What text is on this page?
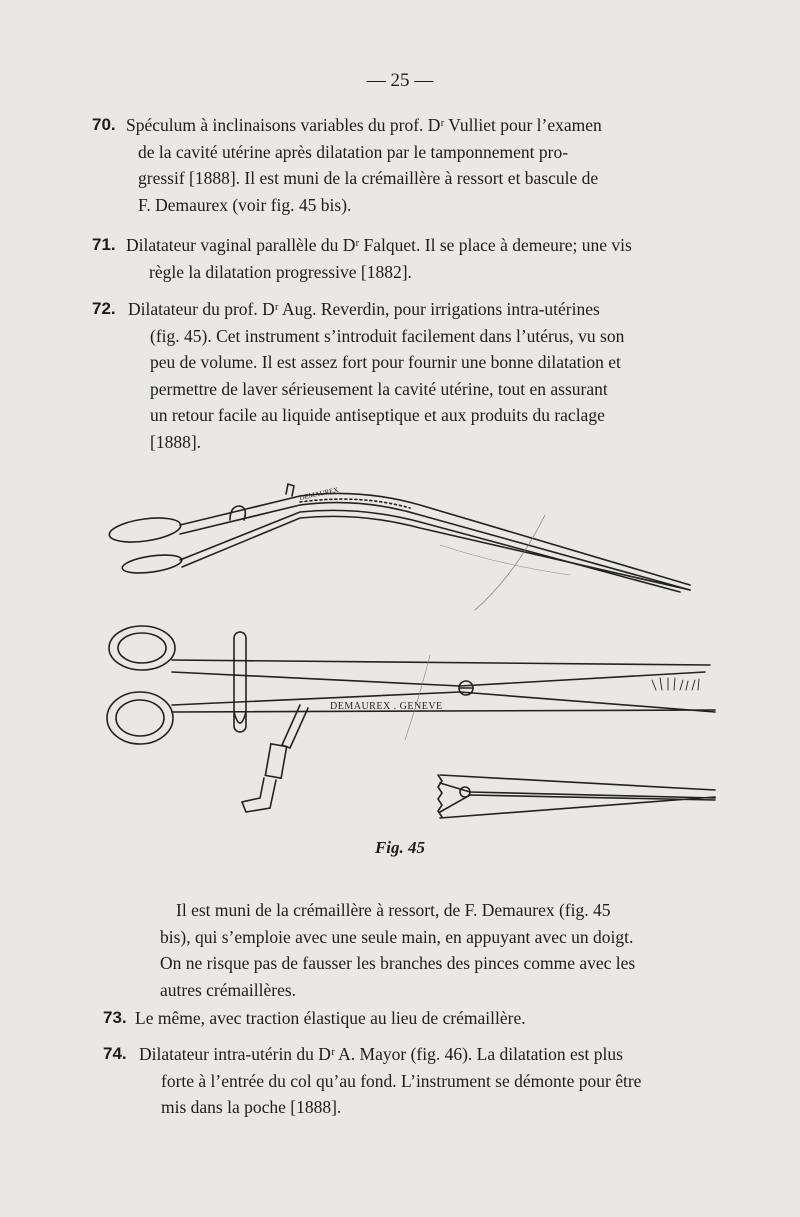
— 25 —
70. Spéculum à inclinaisons variables du prof. Dʳ Vulliet pour l’examen
de la cavité utérine après dilatation par le tamponnement pro-
gressif [1888]. Il est muni de la crémaillère à ressort et bascule de
F. Demaurex (voir fig. 45 bis).
71. Dilatateur vaginal parallèle du Dʳ Falquet. Il se place à demeure; une vis
règle la dilatation progressive [1882].
72. Dilatateur du prof. Dʳ Aug. Reverdin, pour irrigations intra-utérines
(fig. 45). Cet instrument s’introduit facilement dans l’utérus, vu son
peu de volume. Il est assez fort pour fournir une bonne dilatation et
permettre de laver sérieusement la cavité utérine, tout en assurant
un retour facile au liquide antiseptique et aux produits du raclage
[1888].
DEMAUREX
DEMAUREX . GENEVE
Fig. 45
Il est muni de la crémaillère à ressort, de F. Demaurex (fig. 45
bis), qui s’emploie avec une seule main, en appuyant avec un doigt.
On ne risque pas de fausser les branches des pinces comme avec les
autres crémaillères.
73. Le même, avec traction élastique au lieu de crémaillère.
74. Dilatateur intra-utérin du Dʳ A. Mayor (fig. 46). La dilatation est plus
forte à l’entrée du col qu’au fond. L’instrument se démonte pour être
mis dans la poche [1888].
